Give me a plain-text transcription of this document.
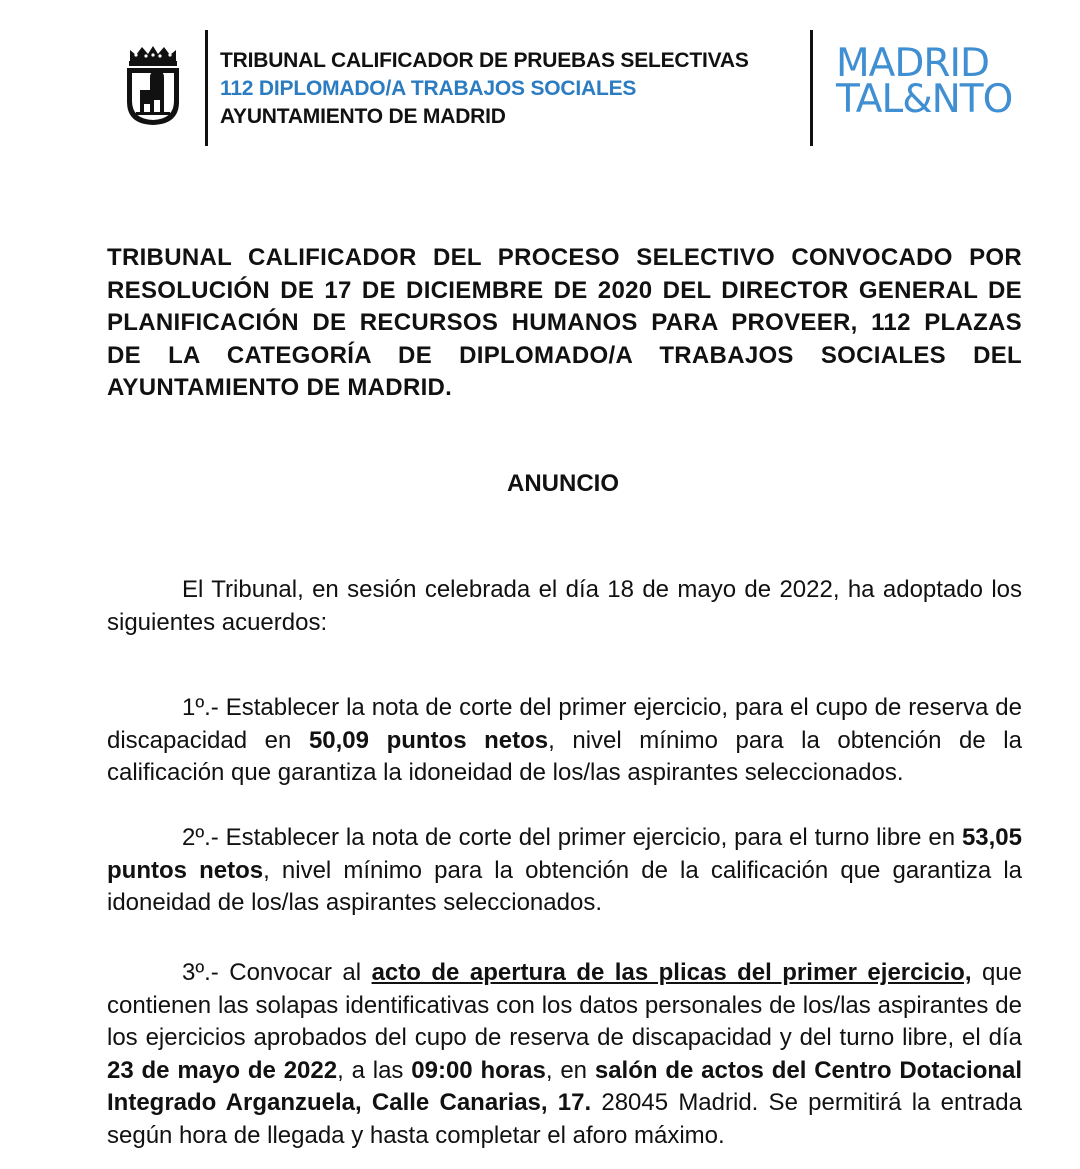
TRIBUNAL CALIFICADOR DE PRUEBAS SELECTIVAS
112 DIPLOMADO/A TRABAJOS SOCIALES
AYUNTAMIENTO DE MADRID
MADRID
TAL&NTO
TRIBUNAL CALIFICADOR DEL PROCESO SELECTIVO CONVOCADO POR
RESOLUCIÓN DE 17 DE DICIEMBRE DE 2020 DEL DIRECTOR GENERAL DE
PLANIFICACIÓN DE RECURSOS HUMANOS PARA PROVEER, 112 PLAZAS
DE LA CATEGORÍA DE DIPLOMADO/A TRABAJOS SOCIALES DEL
AYUNTAMIENTO DE MADRID.
ANUNCIO
El Tribunal, en sesión celebrada el día 18 de mayo de 2022, ha adoptado los siguientes acuerdos:
1º.- Establecer la nota de corte del primer ejercicio, para el cupo de reserva de discapacidad en 50,09 puntos netos, nivel mínimo para la obtención de la calificación que garantiza la idoneidad de los/las aspirantes seleccionados.
2º.- Establecer la nota de corte del primer ejercicio, para el turno libre en 53,05 puntos netos, nivel mínimo para la obtención de la calificación que garantiza la idoneidad de los/las aspirantes seleccionados.
3º.- Convocar al acto de apertura de las plicas del primer ejercicio, que contienen las solapas identificativas con los datos personales de los/las aspirantes de los ejercicios aprobados del cupo de reserva de discapacidad y del turno libre, el día 23 de mayo de 2022, a las 09:00 horas, en salón de actos del Centro Dotacional Integrado Arganzuela, Calle Canarias, 17. 28045 Madrid. Se permitirá la entrada según hora de llegada y hasta completar el aforo máximo.
